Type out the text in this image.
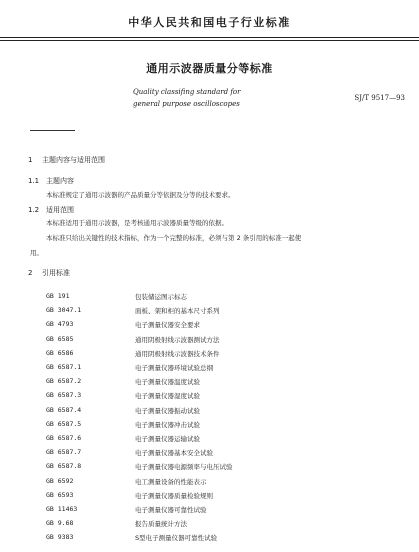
中华人民共和国电子行业标准
通用示波器质量分等标准
Quality classifing standard for
general purpose oscilloscopes
SJ/T 9517—93
1 主题内容与适用范围
1.1 主题内容
本标准规定了通用示波器的产品质量分等依据及分等的技术要求。
1.2 适用范围
本标准适用于通用示波器，是考核通用示波器质量等级的依据。
本标准只给出关键性的技术指标，作为一个完整的标准，必须与第 2 条引用的标准一起使
用。
2 引用标准
GB 191	包装储运图示标志
GB 3047.1	面板、架和柜的基本尺寸系列
GB 4793	电子测量仪器安全要求
GB 6585	通用阴极射线示波器测试方法
GB 6586	通用阴极射线示波器技术条件
GB 6587.1	电子测量仪器环境试验总纲
GB 6587.2	电子测量仪器温度试验
GB 6587.3	电子测量仪器湿度试验
GB 6587.4	电子测量仪器振动试验
GB 6587.5	电子测量仪器冲击试验
GB 6587.6	电子测量仪器运输试验
GB 6587.7	电子测量仪器基本安全试验
GB 6587.8	电子测量仪器电源频率与电压试验
GB 6592	电工测量设备的性能表示
GB 6593	电子测量仪器质量检验规则
GB 11463	电子测量仪器可靠性试验
GB 9.68	报告质量统计方法
GB 9383	S型电子测量仪器可靠性试验
